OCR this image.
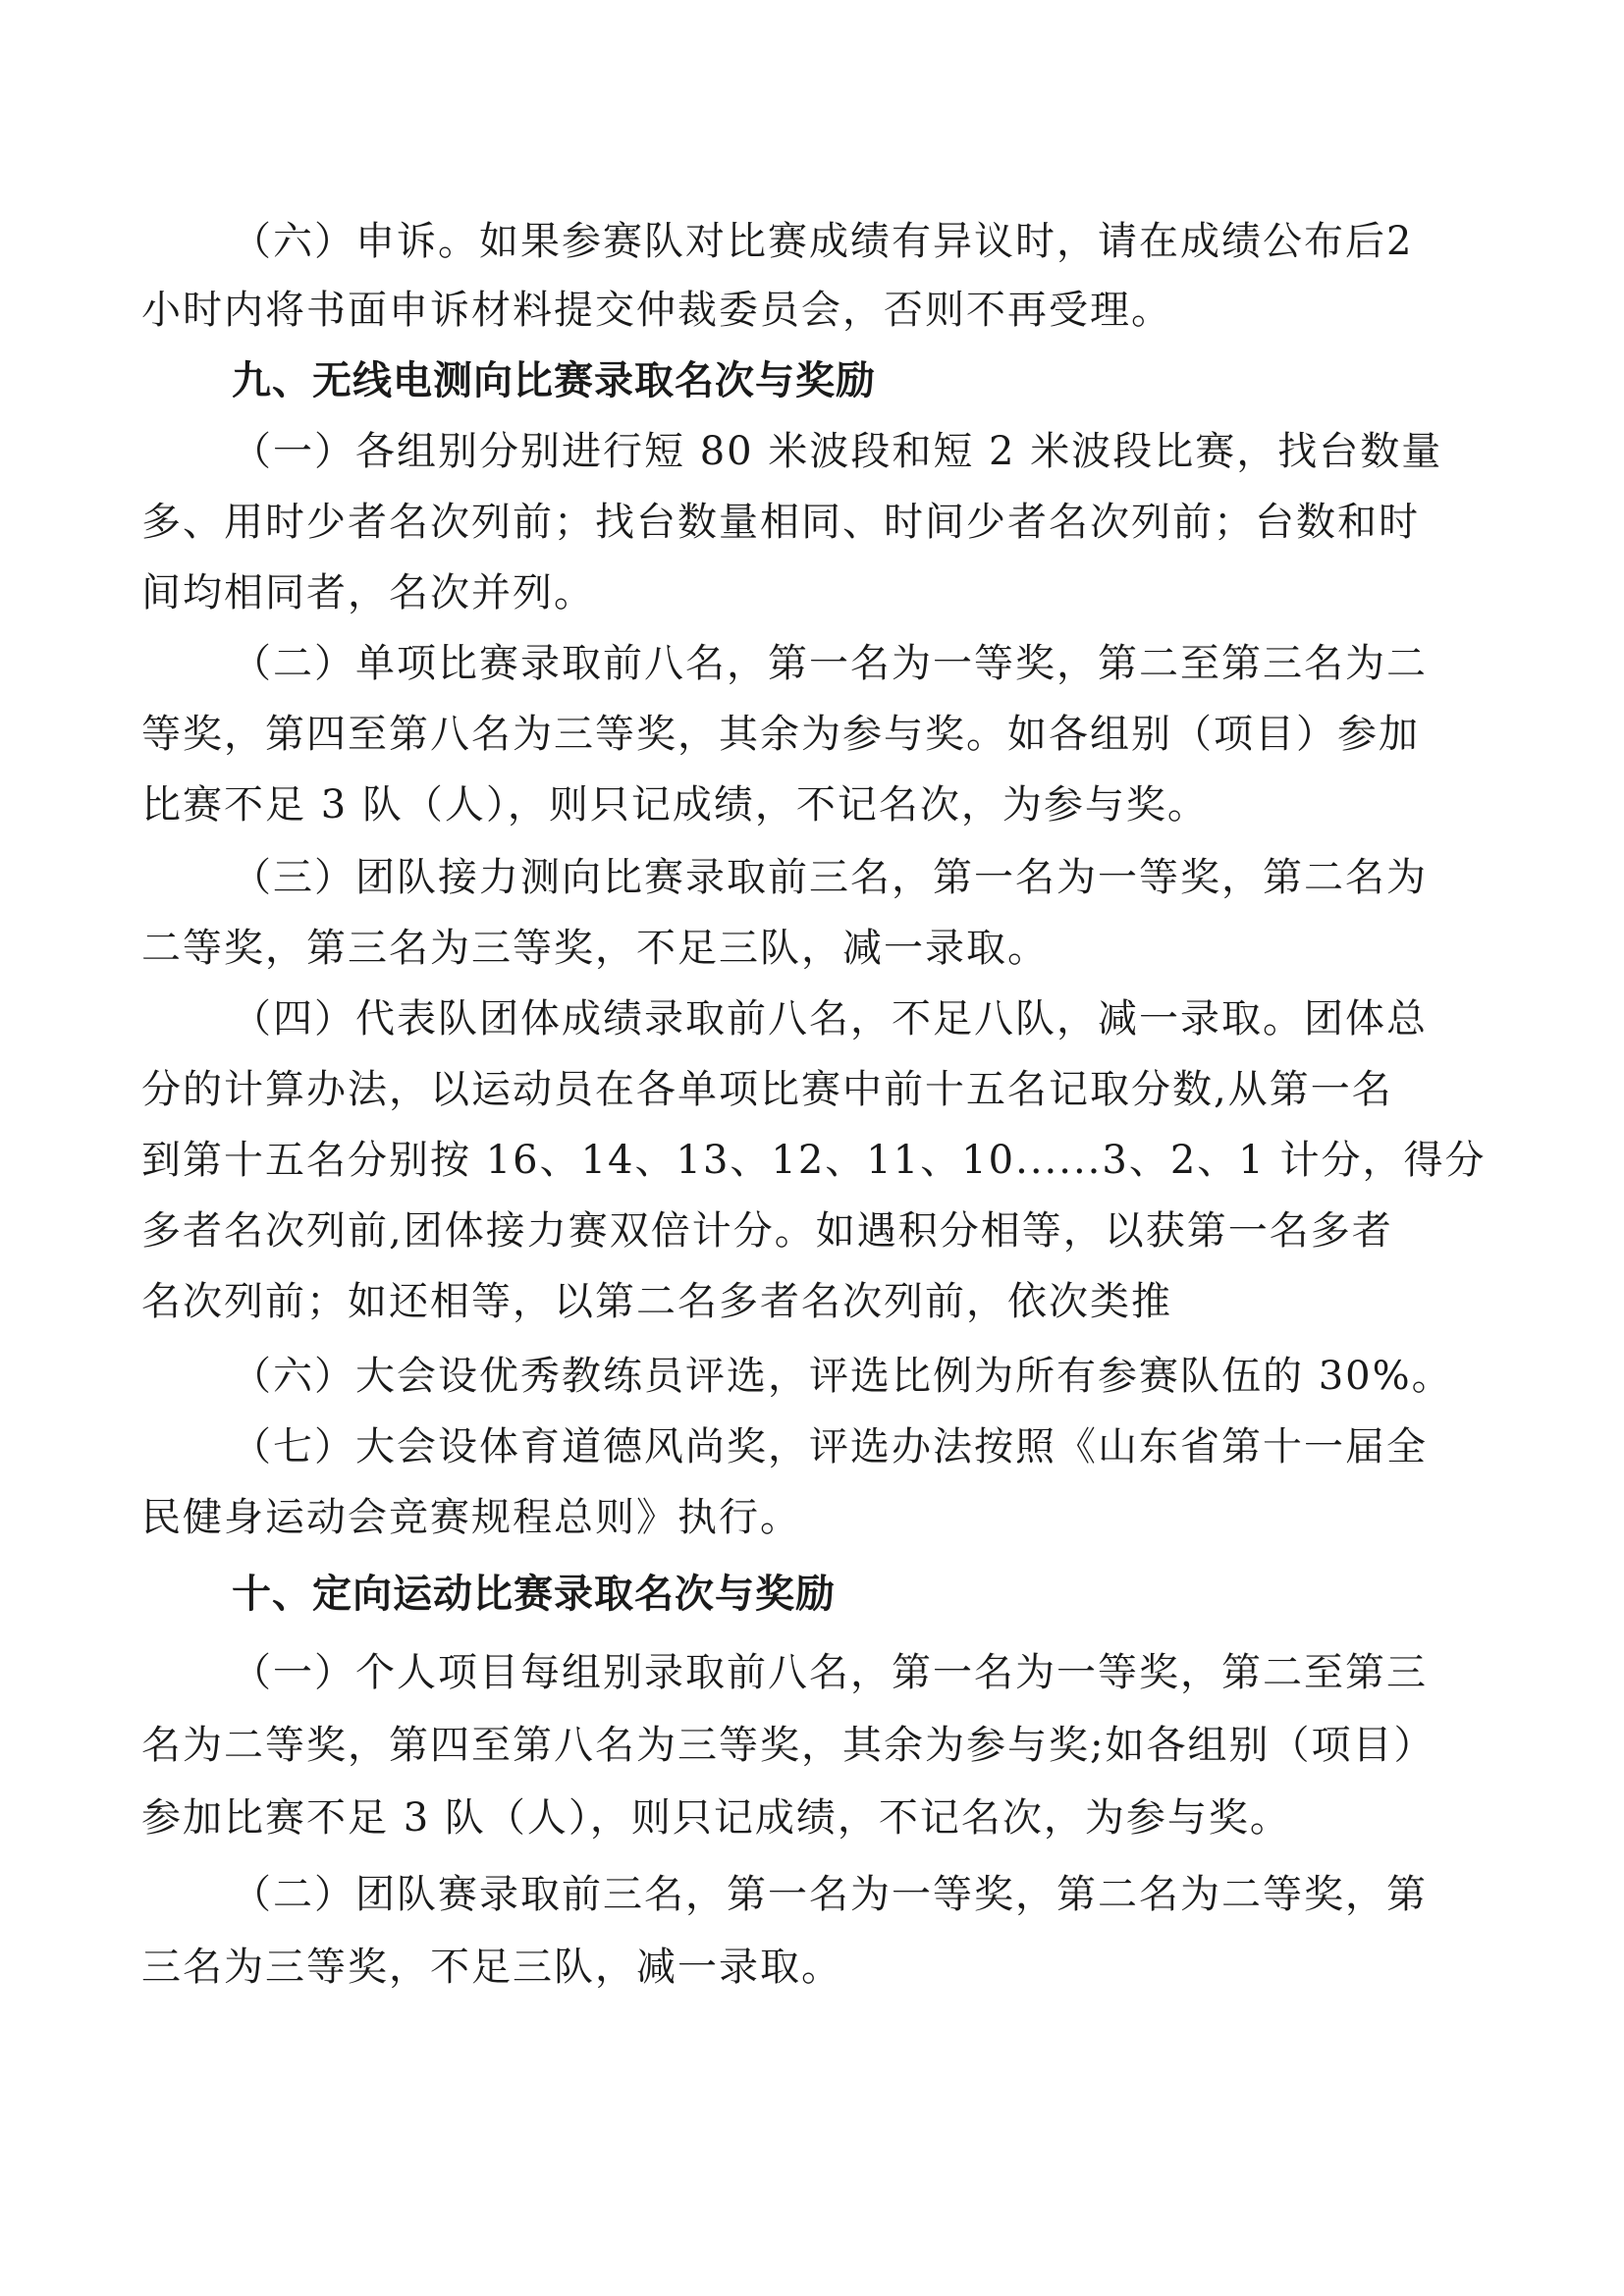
（六）申诉。如果参赛队对比赛成绩有异议时，请在成绩公布后2
小时内将书面申诉材料提交仲裁委员会，否则不再受理。
九、无线电测向比赛录取名次与奖励
（一）各组别分别进行短 80 米波段和短 2 米波段比赛，找台数量
多、用时少者名次列前；找台数量相同、时间少者名次列前；台数和时
间均相同者，名次并列。
（二）单项比赛录取前八名，第一名为一等奖，第二至第三名为二
等奖，第四至第八名为三等奖，其余为参与奖。如各组别（项目）参加
比赛不足 3 队（人），则只记成绩，不记名次，为参与奖。
（三）团队接力测向比赛录取前三名，第一名为一等奖，第二名为
二等奖，第三名为三等奖，不足三队，减一录取。
（四）代表队团体成绩录取前八名，不足八队，减一录取。团体总
分的计算办法，以运动员在各单项比赛中前十五名记取分数,从第一名
到第十五名分别按 16、14、13、12、11、10......3、2、1 计分，得分
多者名次列前,团体接力赛双倍计分。如遇积分相等，以获第一名多者
名次列前；如还相等，以第二名多者名次列前，依次类推
（六）大会设优秀教练员评选，评选比例为所有参赛队伍的 30%。
（七）大会设体育道德风尚奖，评选办法按照《山东省第十一届全
民健身运动会竞赛规程总则》执行。
十、定向运动比赛录取名次与奖励
（一）个人项目每组别录取前八名，第一名为一等奖，第二至第三
名为二等奖，第四至第八名为三等奖，其余为参与奖;如各组别（项目）
参加比赛不足 3 队（人），则只记成绩，不记名次，为参与奖。
（二）团队赛录取前三名，第一名为一等奖，第二名为二等奖，第
三名为三等奖，不足三队，减一录取。
